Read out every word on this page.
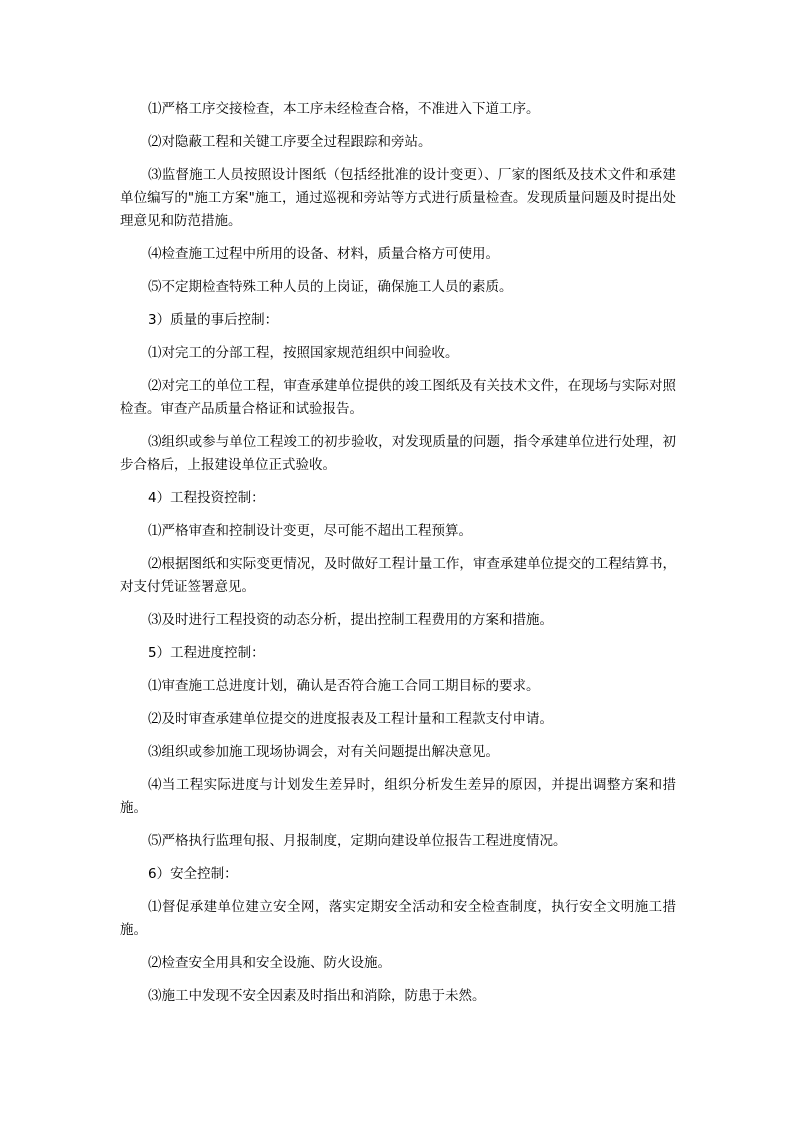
⑴严格工序交接检查，本工序未经检查合格，不准进入下道工序。

⑵对隐蔽工程和关键工序要全过程跟踪和旁站。

⑶监督施工人员按照设计图纸（包括经批准的设计变更）、厂家的图纸及技术文件和承建单位编写的"施工方案"施工，通过巡视和旁站等方式进行质量检查。发现质量问题及时提出处理意见和防范措施。

⑷检查施工过程中所用的设备、材料，质量合格方可使用。

⑸不定期检查特殊工种人员的上岗证，确保施工人员的素质。

3）质量的事后控制：

⑴对完工的分部工程，按照国家规范组织中间验收。

⑵对完工的单位工程，审查承建单位提供的竣工图纸及有关技术文件，在现场与实际对照检查。审查产品质量合格证和试验报告。

⑶组织或参与单位工程竣工的初步验收，对发现质量的问题，指令承建单位进行处理，初步合格后，上报建设单位正式验收。

4）工程投资控制：

⑴严格审查和控制设计变更，尽可能不超出工程预算。

⑵根据图纸和实际变更情况，及时做好工程计量工作，审查承建单位提交的工程结算书，对支付凭证签署意见。

⑶及时进行工程投资的动态分析，提出控制工程费用的方案和措施。

5）工程进度控制：

⑴审查施工总进度计划，确认是否符合施工合同工期目标的要求。

⑵及时审查承建单位提交的进度报表及工程计量和工程款支付申请。

⑶组织或参加施工现场协调会，对有关问题提出解决意见。

⑷当工程实际进度与计划发生差异时，组织分析发生差异的原因，并提出调整方案和措施。

⑸严格执行监理旬报、月报制度，定期向建设单位报告工程进度情况。

6）安全控制：

⑴督促承建单位建立安全网，落实定期安全活动和安全检查制度，执行安全文明施工措施。

⑵检查安全用具和安全设施、防火设施。

⑶施工中发现不安全因素及时指出和消除，防患于未然。
